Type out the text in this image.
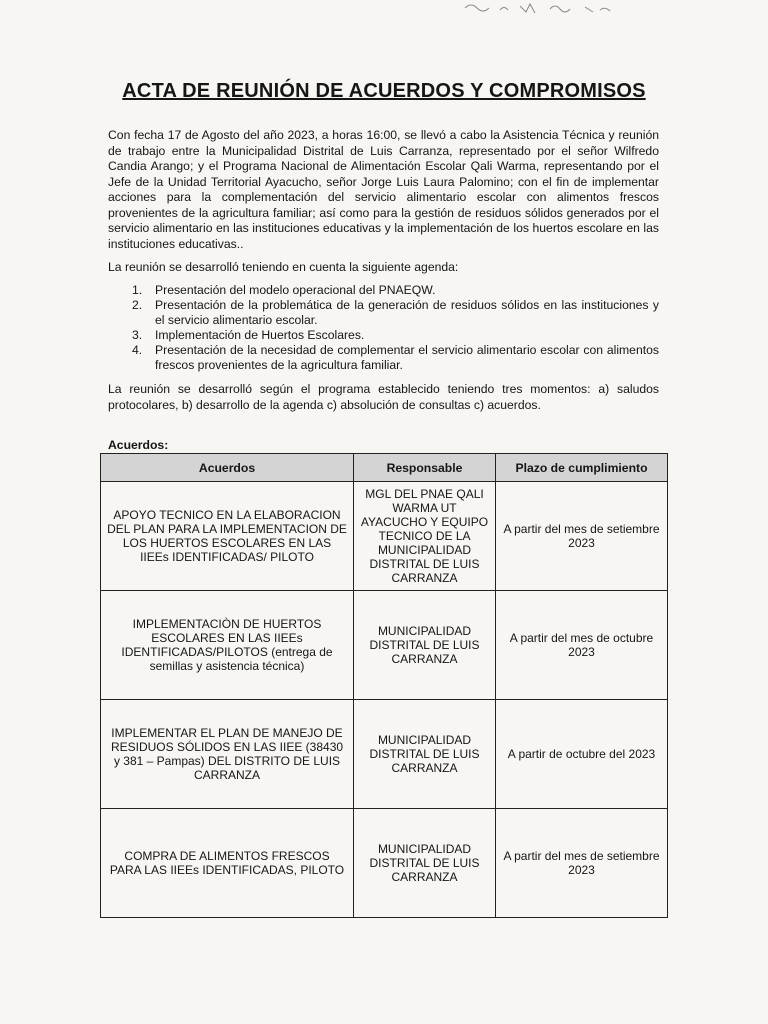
ACTA DE REUNIÓN DE ACUERDOS Y COMPROMISOS
Con fecha 17 de Agosto del año 2023, a horas 16:00, se llevó a cabo la Asistencia Técnica y reunión de trabajo entre la Municipalidad Distrital de Luis Carranza, representado por el señor Wilfredo Candia Arango; y el Programa Nacional de Alimentación Escolar Qali Warma, representando por el Jefe de la Unidad Territorial Ayacucho, señor Jorge Luis Laura Palomino; con el fin de implementar acciones para la complementación del servicio alimentario escolar con alimentos frescos provenientes de la agricultura familiar; así como para la gestión de residuos sólidos generados por el servicio alimentario en las instituciones educativas y la implementación de los huertos escolare en las instituciones educativas..
La reunión se desarrolló teniendo en cuenta la siguiente agenda:
1. Presentación del modelo operacional del PNAEQW.
2. Presentación de la problemática de la generación de residuos sólidos en las instituciones y el servicio alimentario escolar.
3. Implementación de Huertos Escolares.
4. Presentación de la necesidad de complementar el servicio alimentario escolar con alimentos frescos provenientes de la agricultura familiar.
La reunión se desarrolló según el programa establecido teniendo tres momentos: a) saludos protocolares, b) desarrollo de la agenda c) absolución de consultas c) acuerdos.
Acuerdos:
Acuerdos	Responsable	Plazo de cumplimiento
APOYO TECNICO EN LA ELABORACION DEL PLAN PARA LA IMPLEMENTACION DE LOS HUERTOS ESCOLARES EN LAS IIEEs IDENTIFICADAS/ PILOTO	MGL DEL PNAE QALI WARMA UT AYACUCHO Y EQUIPO TECNICO DE LA MUNICIPALIDAD DISTRITAL DE LUIS CARRANZA	A partir del mes de setiembre 2023
IMPLEMENTACIÒN DE HUERTOS ESCOLARES EN LAS IIEEs IDENTIFICADAS/PILOTOS (entrega de semillas y asistencia técnica)	MUNICIPALIDAD DISTRITAL DE LUIS CARRANZA	A partir del mes de octubre 2023
IMPLEMENTAR EL PLAN DE MANEJO DE RESIDUOS SÓLIDOS EN LAS IIEE (38430 y 381 – Pampas) DEL DISTRITO DE LUIS CARRANZA	MUNICIPALIDAD DISTRITAL DE LUIS CARRANZA	A partir de octubre del 2023
COMPRA DE ALIMENTOS FRESCOS PARA LAS IIEEs IDENTIFICADAS, PILOTO	MUNICIPALIDAD DISTRITAL DE LUIS CARRANZA	A partir del mes de setiembre 2023
